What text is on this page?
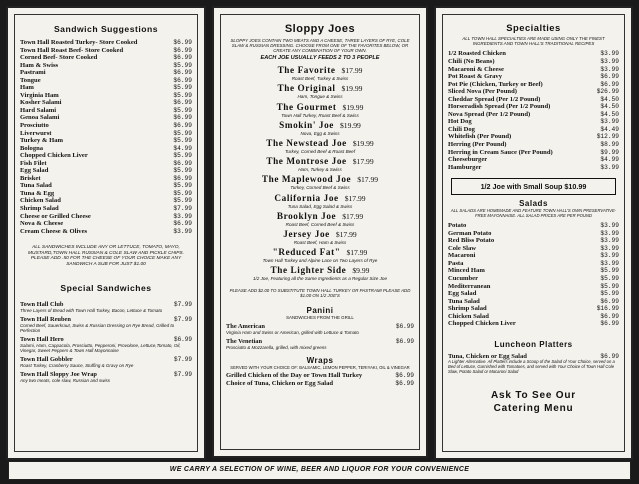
Sandwich Suggestions
Town Hall Roasted Turkey- Store Cooked	$6.99
Town Hall Roast Beef- Store Cooked	$6.99
Corned Beef- Store Cooked	$6.99
Ham & Swiss	$5.99
Pastrami	$6.99
Tongue	$6.99
Ham	$5.99
Virginia Ham	$5.99
Kosher Salami	$6.99
Hard Salami	$5.99
Genoa Salami	$6.99
Prosciutto	$6.99
Liverwurst	$5.99
Turkey & Ham	$5.99
Bologna	$4.99
Chopped Chicken Liver	$5.99
Fish Filet	$6.99
Egg Salad	$5.99
Brisket	$6.99
Tuna Salad	$5.99
Tuna & Egg	$5.99
Chicken Salad	$5.99
Shrimp Salad	$7.99
Cheese or Grilled Cheese	$3.99
Nova & Cheese	$6.99
Cream Cheese & Olives	$3.99
ALL SANDWICHES INCLUDE ANY OR LETTUCE, TOMATO, MAYO, MUSTARD,TOWN HALL RUSSIAN & COLE SLAW AND PICKLE CHIPS. PLEASE ADD .50 FOR THE CHEESE OF YOUR CHOICE MAKE ANY SANDWICH A SUB FOR JUST $1.00
Special Sandwiches
Town Hall Club	$7.99
Three Layers of Bread with Town Hall Turkey, Bacon, Lettuce & Tomato
Town Hall Reuben	$7.99
Corned Beef, Sauerkraut, Swiss & Russian Dressing on Rye Bread, Grilled to Perfection
Town Hall Hero	$6.99
Salami, Ham, Cappacola, Prosciutto, Pepperoni, Provolone, Lettuce,Tomato, Oil, Vinegar, Sweet Peppers & Town Hall Mayonnaise
Town Hall Gobbler	$7.99
Roast Turkey, Cranberry Sauce, Stuffing & Gravy on Rye
Town Hall Sloppy Joe Wrap	$7.99
Any two meats, cole slaw, Russian and swiss
Sloppy Joes
SLOPPY JOES CONTAIN TWO MEATS AND A CHEESE, THREE LAYERS OF RYE, COLE SLAW & RUSSIAN DRESSING. CHOOSE FROM ONE OF THE FAVORITES BELOW, OR CREATE ANY COMBINATION OF YOUR OWN.
EACH JOE USUALLY FEEDS 2 TO 3 PEOPLE
The Favorite $17.99
Roast Beef, Turkey & Swiss
The Original $19.99
Ham, Tongue & Swiss
The Gourmet $19.99
Town Hall Turkey, Roast Beef & Swiss
Smokin' Joe $19.99
Nova, Egg & Swiss
The Newstead Joe $19.99
Turkey, Corned Beef & Roast Beef
The Montrose Joe $17.99
Ham, Turkey & Swiss
The Maplewood Joe $17.99
Turkey, Corned Beef & Swiss
California Joe $17.99
Tuna Salad, Egg Salad & Swiss
Brooklyn Joe $17.99
Roast Beef, Corned Beef & Swiss
Jersey Joe $17.99
Roast Beef, Ham & Swiss
"Reduced Fat" $17.99
Town Hall Turkey and Alpine Lace on Two Layers of Rye
The Lighter Side $9.99
1/2 Joe, Featuring all the Same Ingredients as a Regular Size Joe
PLEASE ADD $2.00 TO SUBSTITUTE TOWN HALL TURKEY OR PASTRAMI PLEASE ADD $1.00 ON 1/2 JOE'S
Panini
SANDWICHES FROM THE GRILL
The American	$6.99
Virginia Ham and Swiss or American, grilled with Lettuce & Tomato
The Venetian	$6.99
Prosciutto & Mozzarella, grilled, with mixed greens
Wraps
SERVED WITH YOUR CHOICE OF: BALSAMIC, LEMON PEPPER, TERIYAKI, OIL & VINEGAR
Grilled Chicken of the Day or Town Hall Turkey	$6.99
Choice of Tuna, Chicken or Egg Salad	$6.99
Specialties
ALL TOWN HALL SPECIALTIES ARE MADE USING ONLY THE FINEST INGREDIENTS AND TOWN HALL'S TRADITIONAL RECIPES
1/2 Roasted Chicken	$3.99
Chili (No Beans)	$3.99
Macaroni & Cheese	$3.99
Pot Roast & Gravy	$6.99
Pot Pie (Chicken, Turkey or Beef)	$6.99
Sliced Nova (Per Pound)	$26.99
Cheddar Spread (Per 1/2 Pound)	$4.50
Horseradish Spread (Per 1/2 Pound)	$4.50
Nova Spread (Per 1/2 Pound)	$4.50
Hot Dog	$3.99
Chili Dog	$4.49
Whitefish (Per Pound)	$12.99
Herring (Per Pound)	$8.99
Herring in Cream Sauce (Per Pound)	$9.99
Cheeseburger	$4.99
Hamburger	$3.99
1/2 Joe with Small Soup $10.99
Salads
ALL SALADS ARE HOMEMADE AND FEATURE TOWN HALL'S OWN PRESERVATIVE-FREE MAYONNAISE. ALL SALAD PRICES ARE PER POUND
Potato	$3.99
German Potato	$3.99
Red Bliss Potato	$3.99
Cole Slaw	$3.99
Macaroni	$3.99
Pasta	$3.99
Minced Ham	$5.99
Cucumber	$5.99
Mediterranean	$5.99
Egg Salad	$5.99
Tuna Salad	$6.99
Shrimp Salad	$16.99
Chicken Salad	$6.99
Chopped Chicken Liver	$6.99
Luncheon Platters
Tuna, Chicken or Egg Salad	$6.99
A Lighter Alternative. All Platters include a Scoop of the Salad of Your Choice, served on a Bed of Lettuce, Garnished with Tomatoes, and served with Your Choice of Town Hall Cole Slaw, Potato Salad or Macaroni Salad
Ask To See Our
Catering Menu
WE CARRY A SELECTION OF WINE, BEER AND LIQUOR FOR YOUR CONVENIENCE
